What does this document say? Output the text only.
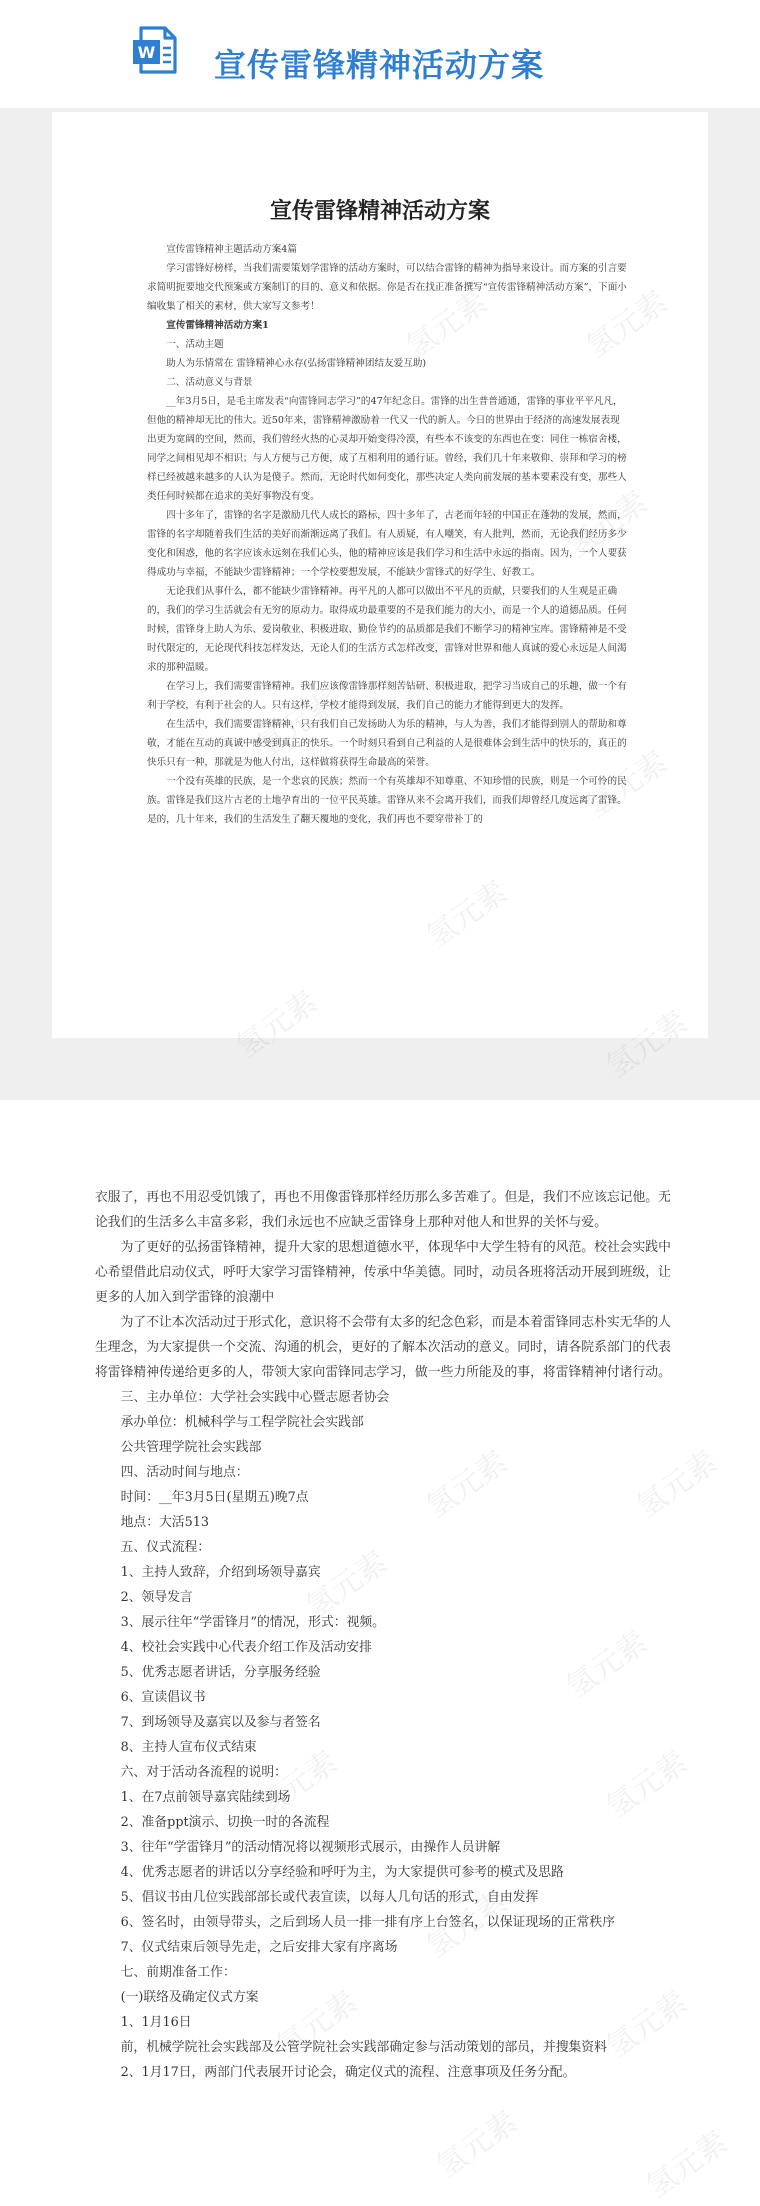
W 宣传雷锋精神活动方案
宣传雷锋精神活动方案

宣传雷锋精神主题活动方案4篇

学习雷锋好榜样，当我们需要策划学雷锋的活动方案时，可以结合雷锋的精神为指导来设计。而方案的引言要求简明扼要地交代预案或方案制订的目的、意义和依据。你是否在找正准备撰写“宣传雷锋精神活动方案”，下面小编收集了相关的素材，供大家写文参考！

宣传雷锋精神活动方案1

一、活动主题

助人为乐情常在 雷锋精神心永存(弘扬雷锋精神团结友爱互助)

二、活动意义与背景

__年3月5日，是毛主席发表“向雷锋同志学习”的47年纪念日。雷锋的出生普普通通，雷锋的事业平平凡凡，但他的精神却无比的伟大。近50年来，雷锋精神激励着一代又一代的新人。今日的世界由于经济的高速发展表现出更为宽阔的空间，然而，我们曾经火热的心灵却开始变得冷漠，有些本不该变的东西也在变：同住一栋宿舍楼，同学之间相见却不相识；与人方便与己方便，成了互相利用的通行证。曾经，我们几十年来敬仰、崇拜和学习的榜样已经被越来越多的人认为是傻子。然而，无论时代如何变化，那些决定人类向前发展的基本要素没有变，那些人类任何时候都在追求的美好事物没有变。

四十多年了，雷锋的名字是激励几代人成长的路标，四十多年了，古老而年轻的中国正在蓬勃的发展，然而，雷锋的名字却随着我们生活的美好而渐渐远离了我们。有人质疑，有人嘲笑，有人批判，然而，无论我们经历多少变化和困惑，他的名字应该永远刻在我们心头，他的精神应该是我们学习和生活中永远的指南。因为，一个人要获得成功与幸福，不能缺少雷锋精神；一个学校要想发展，不能缺少雷锋式的好学生、好教工。

无论我们从事什么，都不能缺少雷锋精神。再平凡的人都可以做出不平凡的贡献，只要我们的人生观是正确的，我们的学习生活就会有无穷的原动力。取得成功最重要的不是我们能力的大小，而是一个人的道德品质。任何时候，雷锋身上助人为乐、爱岗敬业、积极进取、勤俭节约的品质都是我们不断学习的精神宝库。雷锋精神是不受时代限定的，无论现代科技怎样发达，无论人们的生活方式怎样改变，雷锋对世界和他人真诚的爱心永远是人间渴求的那种温暖。

在学习上，我们需要雷锋精神。我们应该像雷锋那样刻苦钻研、积极进取，把学习当成自己的乐趣，做一个有利于学校，有利于社会的人。只有这样，学校才能得到发展，我们自己的能力才能得到更大的发挥。

在生活中，我们需要雷锋精神，只有我们自己发扬助人为乐的精神，与人为善，我们才能得到别人的帮助和尊敬，才能在互动的真诚中感受到真正的快乐。一个时刻只看到自己利益的人是很难体会到生活中的快乐的，真正的快乐只有一种，那就是为他人付出，这样做将获得生命最高的荣誉。

一个没有英雄的民族，是一个悲哀的民族；然而一个有英雄却不知尊重、不知珍惜的民族，则是一个可怜的民族。雷锋是我们这片古老的土地孕育出的一位平民英雄。雷锋从来不会离开我们，而我们却曾经几度远离了雷锋。是的，几十年来，我们的生活发生了翻天覆地的变化，我们再也不要穿带补丁的

衣服了，再也不用忍受饥饿了，再也不用像雷锋那样经历那么多苦难了。但是，我们不应该忘记他。无论我们的生活多么丰富多彩，我们永远也不应缺乏雷锋身上那种对他人和世界的关怀与爱。

为了更好的弘扬雷锋精神，提升大家的思想道德水平，体现华中大学生特有的风范。校社会实践中心希望借此启动仪式，呼吁大家学习雷锋精神，传承中华美德。同时，动员各班将活动开展到班级，让更多的人加入到学雷锋的浪潮中

为了不让本次活动过于形式化，意识将不会带有太多的纪念色彩，而是本着雷锋同志朴实无华的人生理念，为大家提供一个交流、沟通的机会，更好的了解本次活动的意义。同时，请各院系部门的代表将雷锋精神传递给更多的人，带领大家向雷锋同志学习，做一些力所能及的事，将雷锋精神付诸行动。

三、主办单位：大学社会实践中心暨志愿者协会

承办单位：机械科学与工程学院社会实践部

公共管理学院社会实践部

四、活动时间与地点：

时间：__年3月5日(星期五)晚7点

地点：大活513

五、仪式流程：

1、主持人致辞，介绍到场领导嘉宾

2、领导发言

3、展示往年“学雷锋月”的情况，形式：视频。

4、校社会实践中心代表介绍工作及活动安排

5、优秀志愿者讲话，分享服务经验

6、宣读倡议书

7、到场领导及嘉宾以及参与者签名

8、主持人宣布仪式结束

六、对于活动各流程的说明：

1、在7点前领导嘉宾陆续到场

2、准备ppt演示、切换一时的各流程

3、往年“学雷锋月”的活动情况将以视频形式展示，由操作人员讲解

4、优秀志愿者的讲话以分享经验和呼吁为主，为大家提供可参考的模式及思路

5、倡议书由几位实践部部长或代表宣读，以每人几句话的形式，自由发挥

6、签名时，由领导带头，之后到场人员一排一排有序上台签名，以保证现场的正常秩序

7、仪式结束后领导先走，之后安排大家有序离场

七、前期准备工作：

(一)联络及确定仪式方案

1、1月16日

前，机械学院社会实践部及公管学院社会实践部确定参与活动策划的部员，并搜集资料

2、1月17日，两部门代表展开讨论会，确定仪式的流程、注意事项及任务分配。

氢元素	氢元素
氢元素
氢元素
氢元素	氢元素
氢元素
氢元素	氢元素
氢元素	氢元素
